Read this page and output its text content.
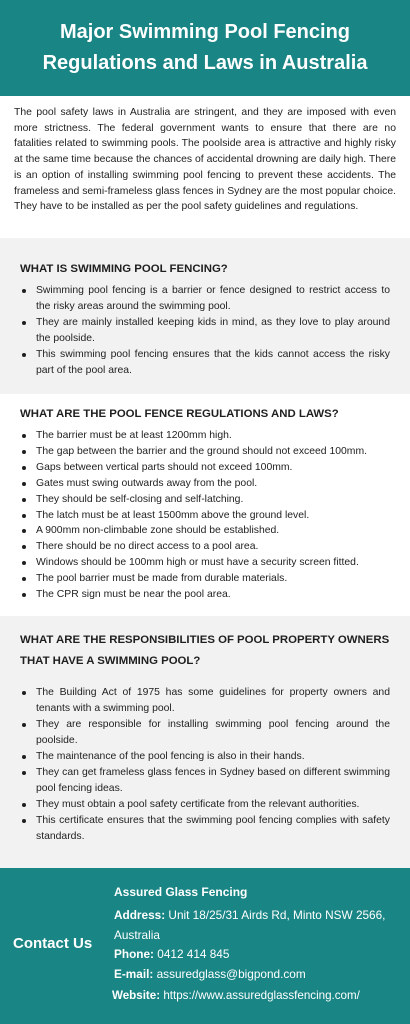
Major Swimming Pool Fencing
Regulations and Laws in Australia
The pool safety laws in Australia are stringent, and they are imposed with even more strictness. The federal government wants to ensure that there are no fatalities related to swimming pools. The poolside area is attractive and highly risky at the same time because the chances of accidental drowning are daily high. There is an option of installing swimming pool fencing to prevent these accidents. The frameless and semi-frameless glass fences in Sydney are the most popular choice. They have to be installed as per the pool safety guidelines and regulations.
WHAT IS SWIMMING POOL FENCING?
Swimming pool fencing is a barrier or fence designed to restrict access to the risky areas around the swimming pool.
They are mainly installed keeping kids in mind, as they love to play around the poolside.
This swimming pool fencing ensures that the kids cannot access the risky part of the pool area.
WHAT ARE THE POOL FENCE REGULATIONS AND LAWS?
The barrier must be at least 1200mm high.
The gap between the barrier and the ground should not exceed 100mm.
Gaps between vertical parts should not exceed 100mm.
Gates must swing outwards away from the pool.
They should be self-closing and self-latching.
The latch must be at least 1500mm above the ground level.
A 900mm non-climbable zone should be established.
There should be no direct access to a pool area.
Windows should be 100mm high or must have a security screen fitted.
The pool barrier must be made from durable materials.
The CPR sign must be near the pool area.
WHAT ARE THE RESPONSIBILITIES OF POOL PROPERTY OWNERS
THAT HAVE A SWIMMING POOL?
The Building Act of 1975 has some guidelines for property owners and tenants with a swimming pool.
They are responsible for installing swimming pool fencing around the poolside.
The maintenance of the pool fencing is also in their hands.
They can get frameless glass fences in Sydney based on different swimming pool fencing ideas.
They must obtain a pool safety certificate from the relevant authorities.
This certificate ensures that the swimming pool fencing complies with safety standards.
Contact Us
Assured Glass Fencing
Address: Unit 18/25/31 Airds Rd, Minto NSW 2566, Australia
Phone: 0412 414 845
E-mail: assuredglass@bigpond.com
Website: https://www.assuredglassfencing.com/
